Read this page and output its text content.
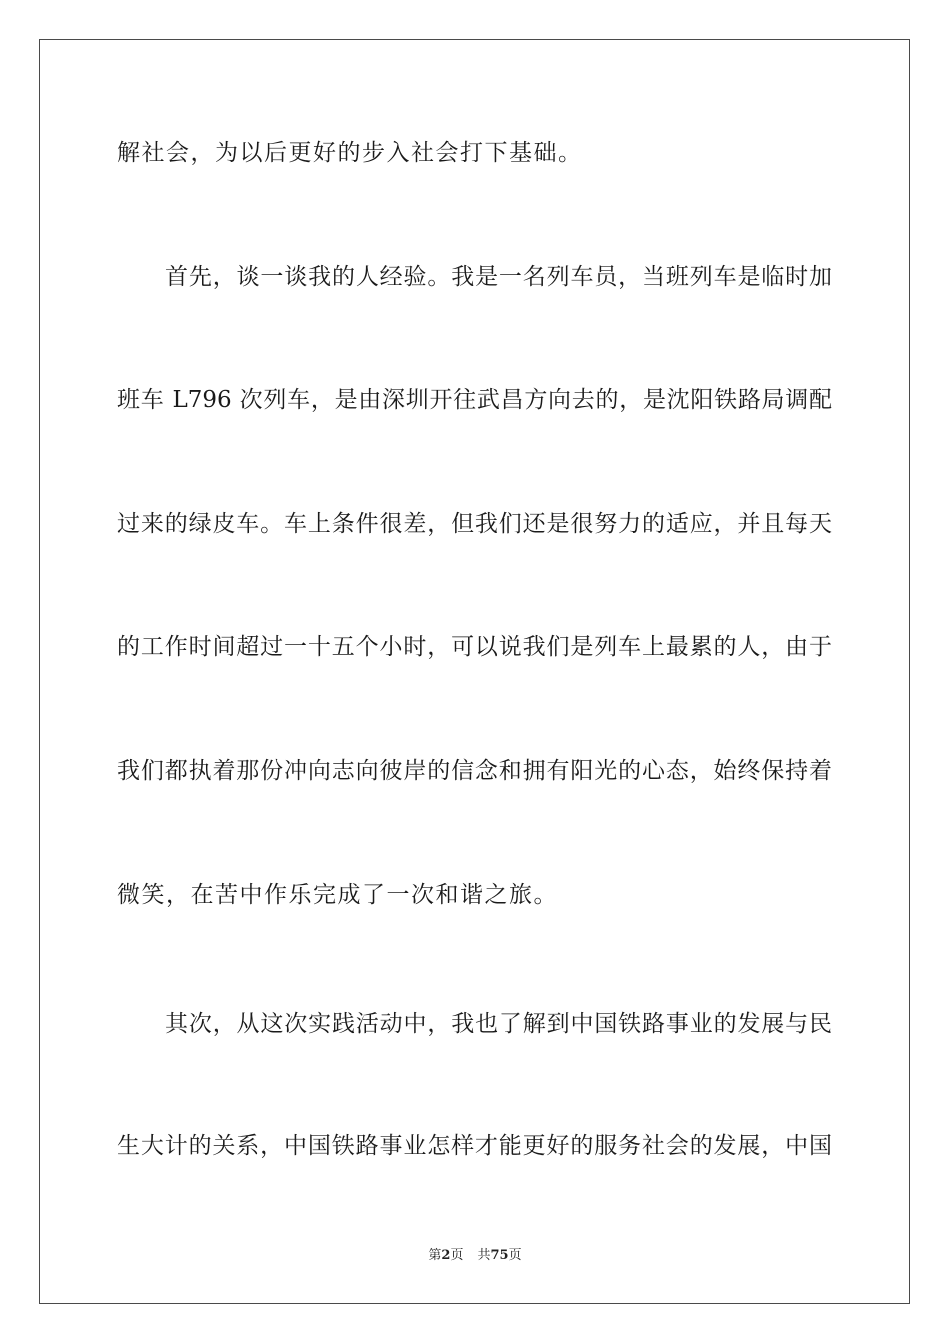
解社会，为以后更好的步入社会打下基础。
首先，谈一谈我的人经验。我是一名列车员，当班列车是临时加
班车 L796 次列车，是由深圳开往武昌方向去的，是沈阳铁路局调配
过来的绿皮车。车上条件很差，但我们还是很努力的适应，并且每天
的工作时间超过一十五个小时，可以说我们是列车上最累的人，由于
我们都执着那份冲向志向彼岸的信念和拥有阳光的心态，始终保持着
微笑，在苦中作乐完成了一次和谐之旅。
其次，从这次实践活动中，我也了解到中国铁路事业的发展与民
生大计的关系，中国铁路事业怎样才能更好的服务社会的发展，中国
第2页 共75页
